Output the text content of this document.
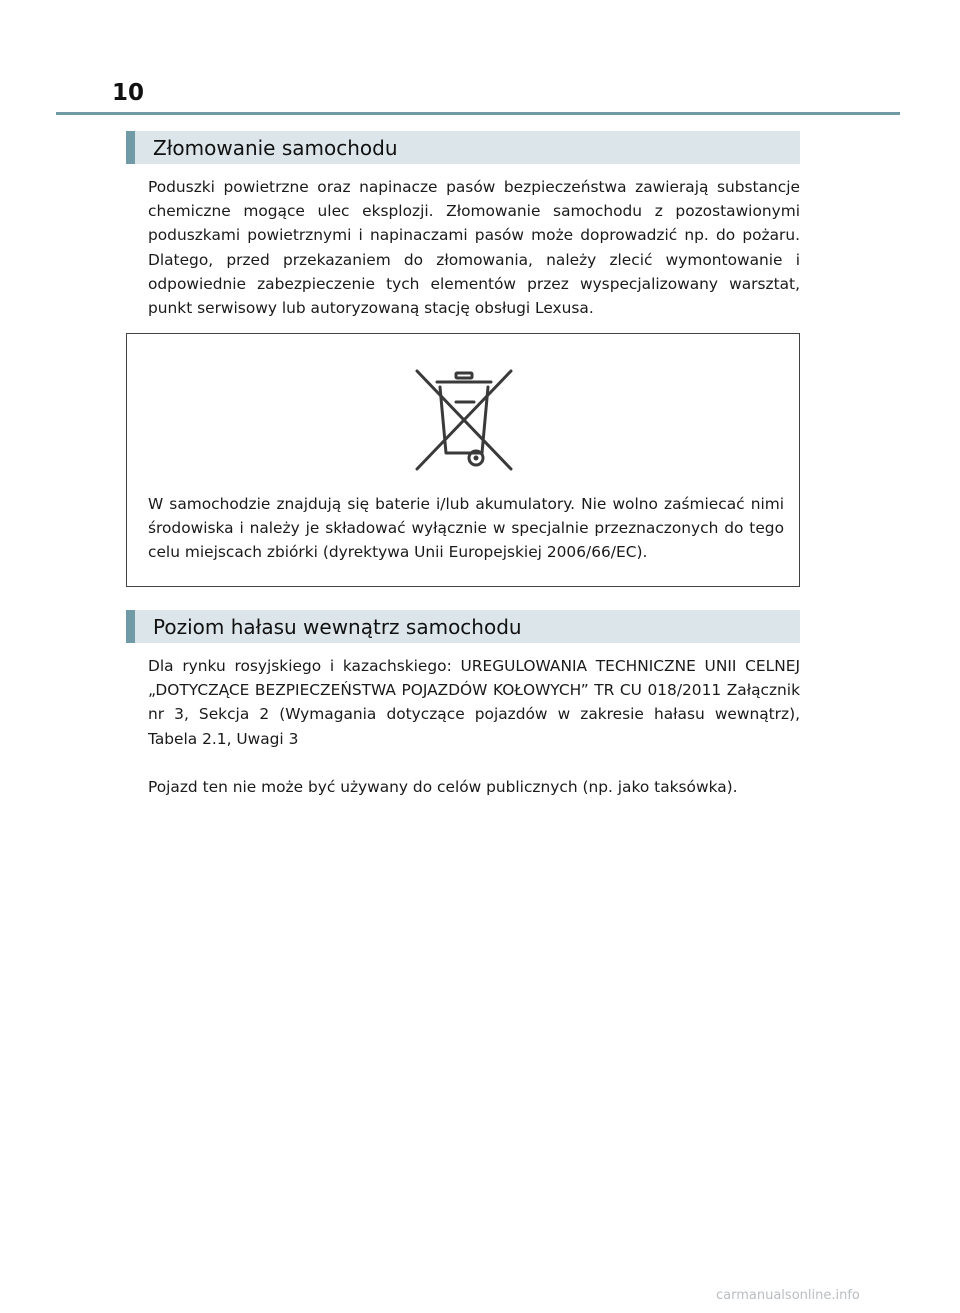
10
Złomowanie samochodu

Poduszki powietrzne oraz napinacze pasów bezpieczeństwa zawierają substancje chemiczne mogące ulec eksplozji. Złomowanie samochodu z pozostawionymi poduszkami powietrznymi i napinaczami pasów może doprowadzić np. do pożaru. Dlatego, przed przekazaniem do złomowania, należy zlecić wymontowanie i odpowiednie zabezpieczenie tych elementów przez wyspecjalizowany warsztat, punkt serwisowy lub autoryzowaną stację obsługi Lexusa.

W samochodzie znajdują się baterie i/lub akumulatory. Nie wolno zaśmiecać nimi środowiska i należy je składować wyłącznie w specjalnie przeznaczonych do tego celu miejscach zbiórki (dyrektywa Unii Europejskiej 2006/66/EC).
Poziom hałasu wewnątrz samochodu

Dla rynku rosyjskiego i kazachskiego: UREGULOWANIA TECHNICZNE UNII CELNEJ „DOTYCZĄCE BEZPIECZEŃSTWA POJAZDÓW KOŁOWYCH” TR CU 018/2011 Załącznik nr 3, Sekcja 2 (Wymagania dotyczące pojazdów w zakresie hałasu wewnątrz), Tabela 2.1, Uwagi 3

Pojazd ten nie może być używany do celów publicznych (np. jako taksówka).

carmanualsonline.info
